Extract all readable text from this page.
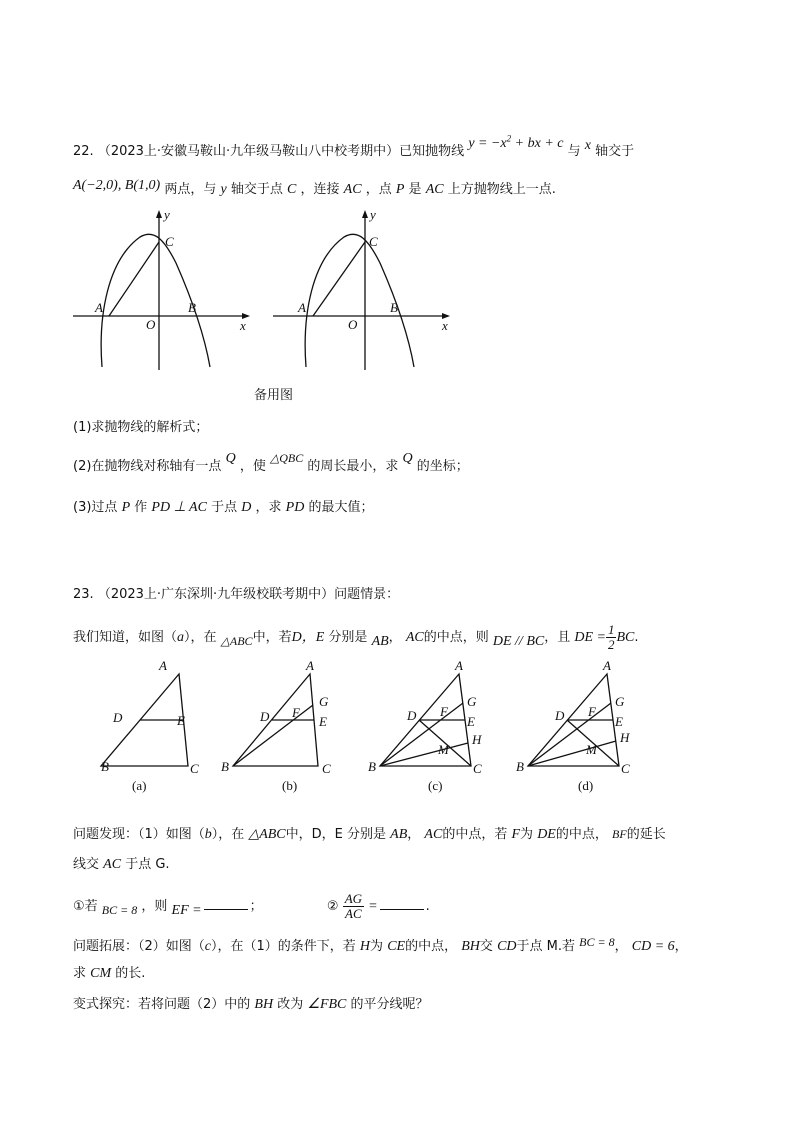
22. （2023上·安徽马鞍山·九年级马鞍山八中校考期中）已知抛物线 $y = -x^2$ + bx + c 与 x 轴交于
A(−2,0), B(1,0) 两点，与 y 轴交于点 C ，连接 AC ，点 P 是 AC 上方抛物线上一点.
y
C
A	B
O	x
y
C
A	B
O	x
备用图
(1)求抛物线的解析式；
(2)在抛物线对称轴有一点 Q ，使 △QBC 的周长最小，求 Q 的坐标；
(3)过点 P 作 PD ⊥ AC 于点 D ，求 PD 的最大值；
23. （2023上·广东深圳·九年级校联考期中）问题情景：
我们知道，如图（a），在 △ABC中，若D，E 分别是 AB， AC的中点，则 DE // BC，且 DE = $\frac{1}{2}$ BC.
A
D	E
B	C
(a)
A
G
F
D	E
B	C
(b)
A
G
F
D	E
H
M
B	C
(c)
A
G
F
D	E
H
M
B	C
(d)
问题发现：（1）如图（b），在 △ABC中，D，E 分别是 AB， AC的中点，若 F为 DE的中点， BF的延长
线交 AC 于点 G.
①若 BC = 8 ，则 EF =	；	② $\frac{AG}{AC}$ =	.
问题拓展：（2）如图（c），在（1）的条件下，若 H为 CE的中点， BH交 CD于点 M.若 BC = 8， CD = 6，
求 CM 的长.
变式探究：若将问题（2）中的 BH 改为 ∠FBC 的平分线呢？
